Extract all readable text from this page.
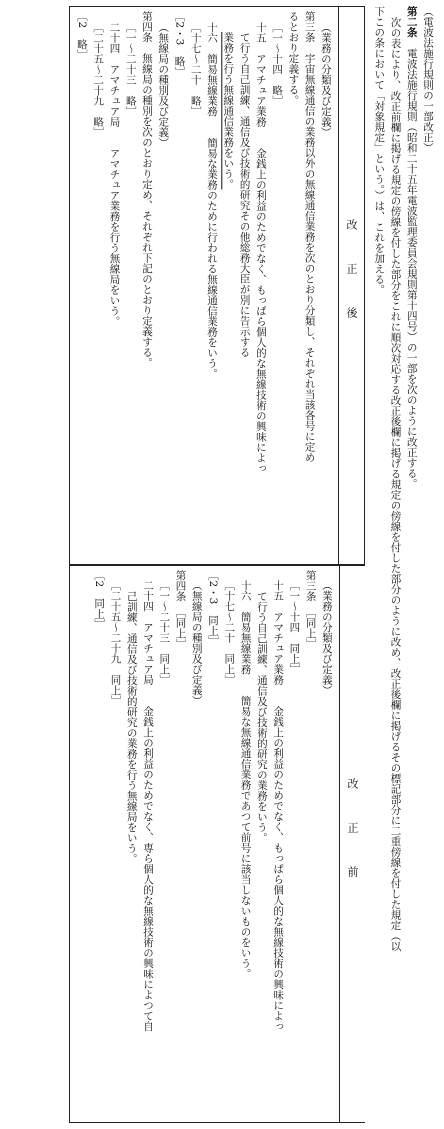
（電波法施行規則の一部改正）
第二条　電波法施行規則（昭和二十五年電波監理委員会規則第十四号）の一部を次のように改正する。
次の表により、改正前欄に掲げる規定の傍線を付した部分をこれに順次対応する改正後欄に掲げる規定の傍線を付した部分のように改め、改正後欄に掲げるその標記部分に二重傍線を付した規定（以
下この条において「対象規定」という。）は、これを加える。
改正後
（業務の分類及び定義）
第三条　宇宙無線通信の業務以外の無線通信業務を次のとおり分類し、それぞれ当該各号に定め
るとおり定義する。
［一～十四　略］
十五　アマチュア業務　　金銭上の利益のためでなく、もっぱら個人的な無線技術の興味によっ
て行う自己訓練、通信及び技術的研究その他総務大臣が別に告示する
業務を行う無線通信業務をいう。
十六　簡易無線業務　　簡易な業務のために行われる無線通信業務をいう。
［十七～二十　略］
［2・3　略］
（無線局の種別及び定義）
第四条　無線局の種別を次のとおり定め、それぞれ下記のとおり定義する。
［一～二十三　略］
二十四　アマチュア局　　アマチュア業務を行う無線局をいう。
［二十五～二十九　略］
［2　略］
改正前
（業務の分類及び定義）
第三条　［同上］
［一～十四　同上］
十五　アマチュア業務　　金銭上の利益のためでなく、もっぱら個人的な無線技術の興味によっ
て行う自己訓練、通信及び技術的研究の業務をいう。
十六　簡易無線業務　　簡易な無線通信業務であつて前号に該当しないものをいう。
［十七～二十　同上］
［2・3　同上］
（無線局の種別及び定義）
第四条　［同上］
［一～二十三　同上］
二十四　アマチュア局　　金銭上の利益のためでなく、専ら個人的な無線技術の興味によつて自
己訓練、通信及び技術的研究の業務を行う無線局をいう。
［二十五～二十九　同上］
［2　同上］
